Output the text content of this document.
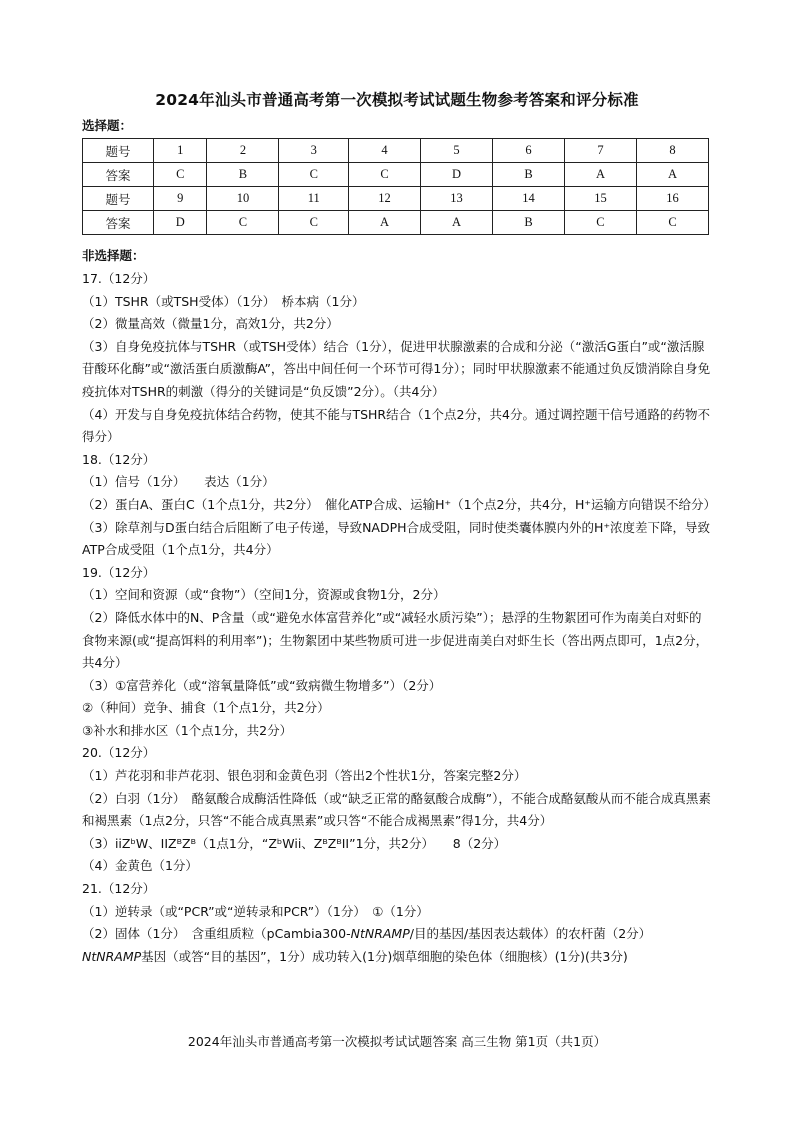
2024年汕头市普通高考第一次模拟考试试题生物参考答案和评分标准
选择题：
题号	1	2	3	4	5	6	7	8
答案	C	B	C	C	D	B	A	A
题号	9	10	11	12	13	14	15	16
答案	D	C	C	A	A	B	C	C
非选择题：

17.（12分）

（1）TSHR（或TSH受体）（1分）　桥本病（1分）

（2）微量高效（微量1分，高效1分，共2分）

（3）自身免疫抗体与TSHR（或TSH受体）结合（1分），促进甲状腺激素的合成和分泌（“激活G蛋白”或“激活腺苷酸环化酶”或“激活蛋白质激酶A”，答出中间任何一个环节可得1分）；同时甲状腺激素不能通过负反馈消除自身免疫抗体对TSHR的刺激（得分的关键词是“负反馈”2分）。（共4分）

（4）开发与自身免疫抗体结合药物，使其不能与TSHR结合（1个点2分，共4分。通过调控题干信号通路的药物不得分）

18.（12分）

（1）信号（1分）　　表达（1分）

（2）蛋白A、蛋白C（1个点1分，共2分）　催化ATP合成、运输H⁺（1个点2分，共4分，H⁺运输方向错误不给分）

（3）除草剂与D蛋白结合后阻断了电子传递，导致NADPH合成受阻，同时使类囊体膜内外的H⁺浓度差下降，导致ATP合成受阻（1个点1分，共4分）

19.（12分）

（1）空间和资源（或“食物”）（空间1分，资源或食物1分，2分）

（2）降低水体中的N、P含量（或“避免水体富营养化”或“减轻水质污染”）；悬浮的生物絮团可作为南美白对虾的食物来源(或“提高饵料的利用率”)；生物絮团中某些物质可进一步促进南美白对虾生长（答出两点即可，1点2分，共4分）

（3）①富营养化（或“溶氧量降低”或“致病微生物增多”）（2分）

②（种间）竞争、捕食（1个点1分，共2分）

③补水和排水区（1个点1分，共2分）

20.（12分）

（1）芦花羽和非芦花羽、银色羽和金黄色羽（答出2个性状1分，答案完整2分）

（2）白羽（1分）　酪氨酸合成酶活性降低（或“缺乏正常的酪氨酸合成酶”），不能合成酪氨酸从而不能合成真黑素和褐黑素（1点2分，只答“不能合成真黑素”或只答“不能合成褐黑素”得1分，共4分）

（3）iiZᵇW、IIZᴮZᴮ（1点1分，“ZᵇWii、ZᴮZᴮII”1分，共2分）　　8（2分）

（4）金黄色（1分）

21.（12分）

（1）逆转录（或“PCR”或“逆转录和PCR”）（1分）　①（1分）

（2）固体（1分）　含重组质粒（pCambia300-NtNRAMP/目的基因/基因表达载体）的农杆菌（2分）

NtNRAMP基因（或答“目的基因”，1分）成功转入(1分)烟草细胞的染色体（细胞核）(1分)(共3分)

2024年汕头市普通高考第一次模拟考试试题答案 高三生物 第1页（共1页）
